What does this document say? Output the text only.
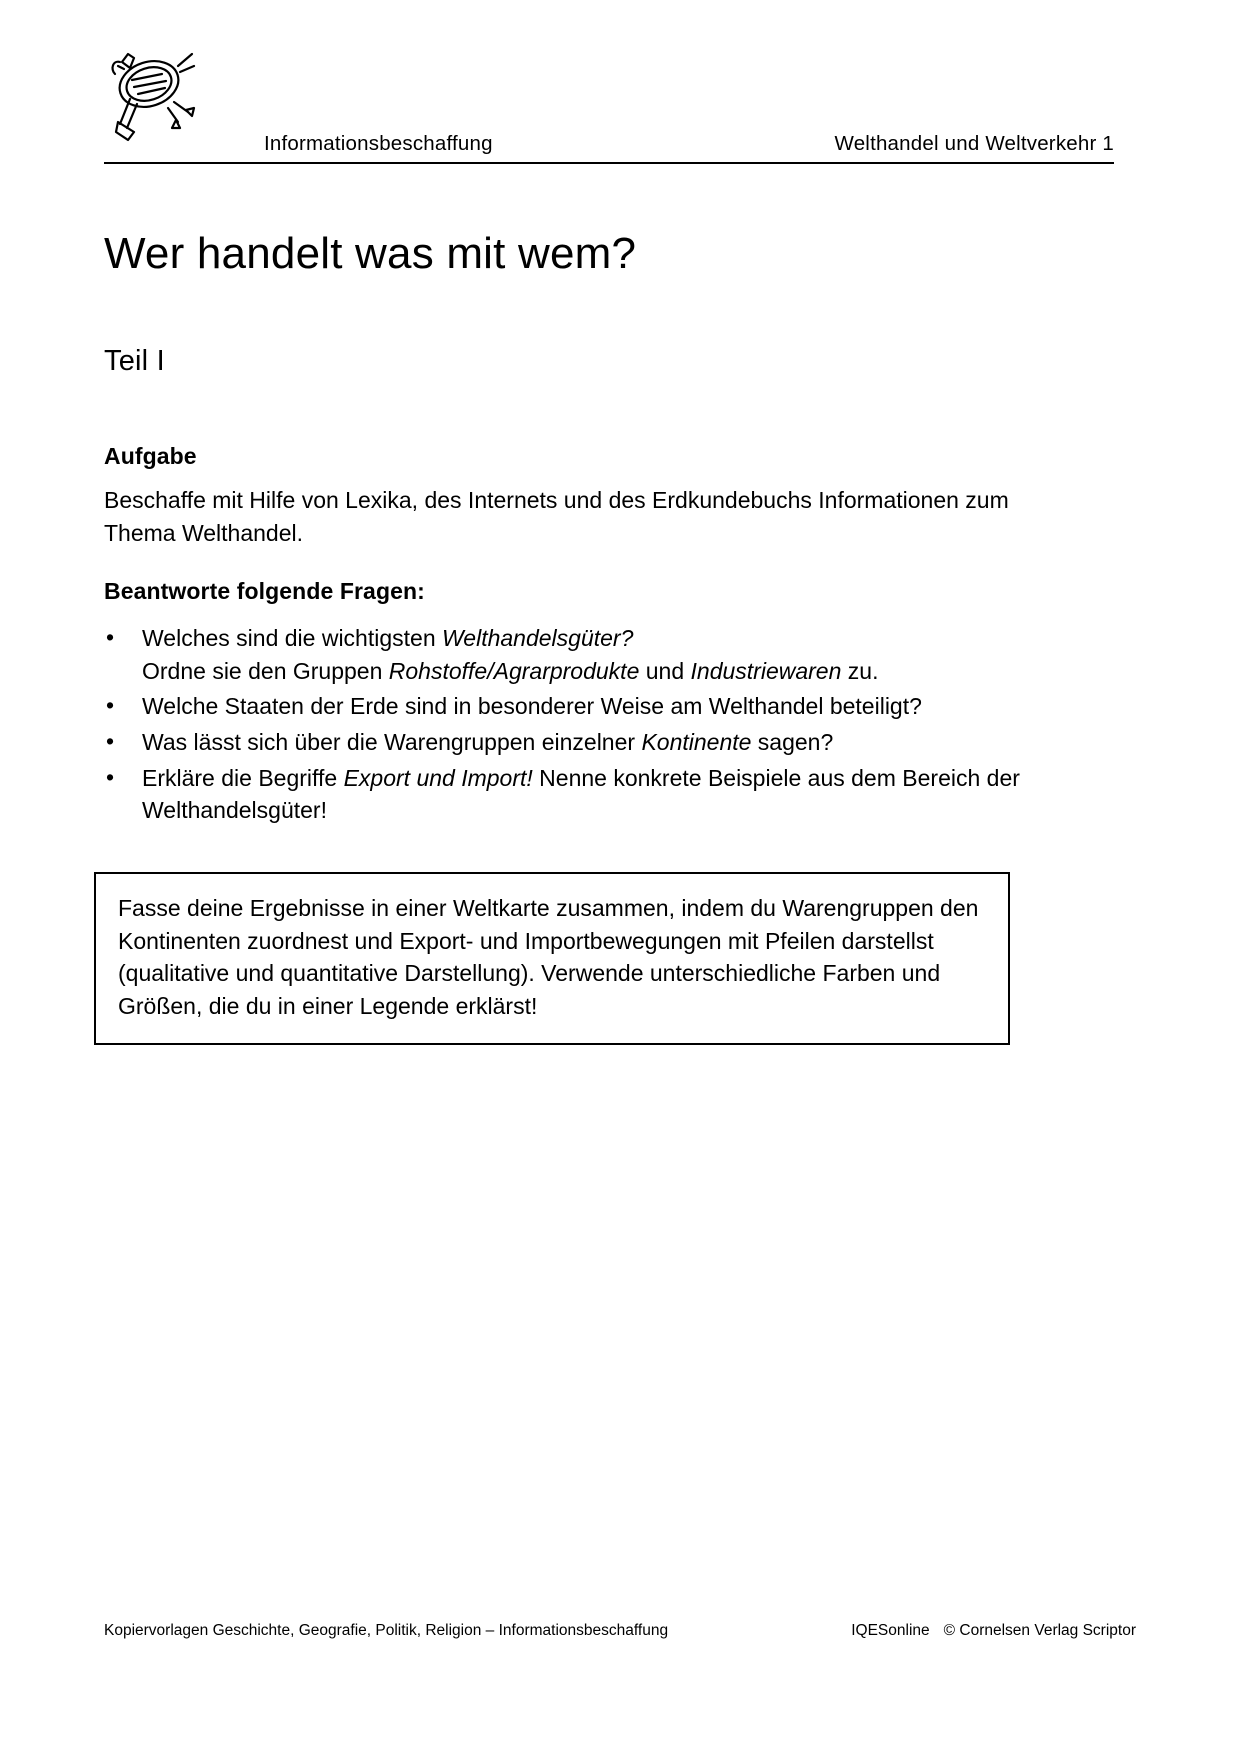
Informationsbeschaffung	Welthandel und Weltverkehr 1
Wer handelt was mit wem?
Teil I
Aufgabe
Beschaffe mit Hilfe von Lexika, des Internets und des Erdkundebuchs Informationen zum Thema Welthandel.
Beantworte folgende Fragen:
• Welches sind die wichtigsten Welthandelsgüter?
Ordne sie den Gruppen Rohstoffe/Agrarprodukte und Industriewaren zu.
• Welche Staaten der Erde sind in besonderer Weise am Welthandel beteiligt?
• Was lässt sich über die Warengruppen einzelner Kontinente sagen?
• Erkläre die Begriffe Export und Import! Nenne konkrete Beispiele aus dem Bereich der Welthandelsgüter!
Fasse deine Ergebnisse in einer Weltkarte zusammen, indem du Warengruppen den Kontinenten zuordnest und Export- und Importbewegungen mit Pfeilen darstellst (qualitative und quantitative Darstellung). Verwende unterschiedliche Farben und Größen, die du in einer Legende erklärst!
Kopiervorlagen Geschichte, Geografie, Politik, Religion – Informationsbeschaffung	IQESonline © Cornelsen Verlag Scriptor
